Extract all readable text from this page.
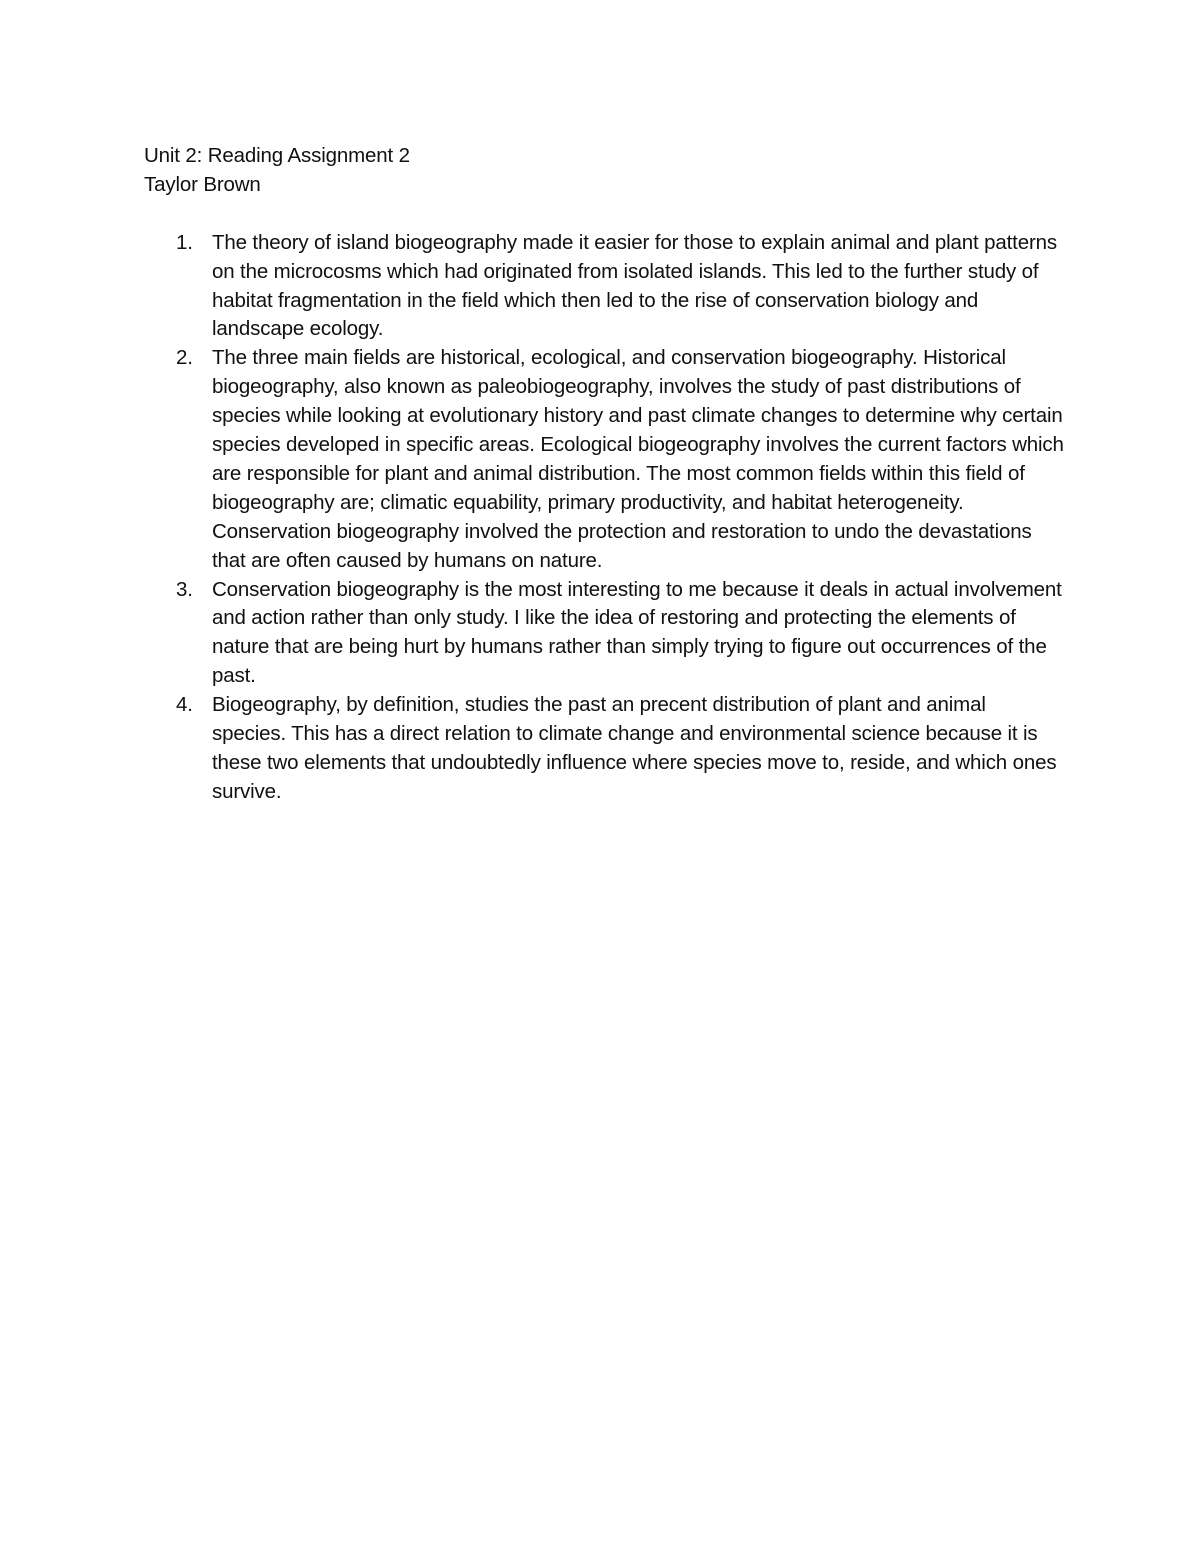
Unit 2: Reading Assignment 2

Taylor Brown

1. The theory of island biogeography made it easier for those to explain animal and plant patterns on the microcosms which had originated from isolated islands. This led to the further study of habitat fragmentation in the field which then led to the rise of conservation biology and landscape ecology.
2. The three main fields are historical, ecological, and conservation biogeography. Historical biogeography, also known as paleobiogeography, involves the study of past distributions of species while looking at evolutionary history and past climate changes to determine why certain species developed in specific areas. Ecological biogeography involves the current factors which are responsible for plant and animal distribution. The most common fields within this field of biogeography are; climatic equability, primary productivity, and habitat heterogeneity. Conservation biogeography involved the protection and restoration to undo the devastations that are often caused by humans on nature.
3. Conservation biogeography is the most interesting to me because it deals in actual involvement and action rather than only study. I like the idea of restoring and protecting the elements of nature that are being hurt by humans rather than simply trying to figure out occurrences of the past.
4. Biogeography, by definition, studies the past an precent distribution of plant and animal species. This has a direct relation to climate change and environmental science because it is these two elements that undoubtedly influence where species move to, reside, and which ones survive.
